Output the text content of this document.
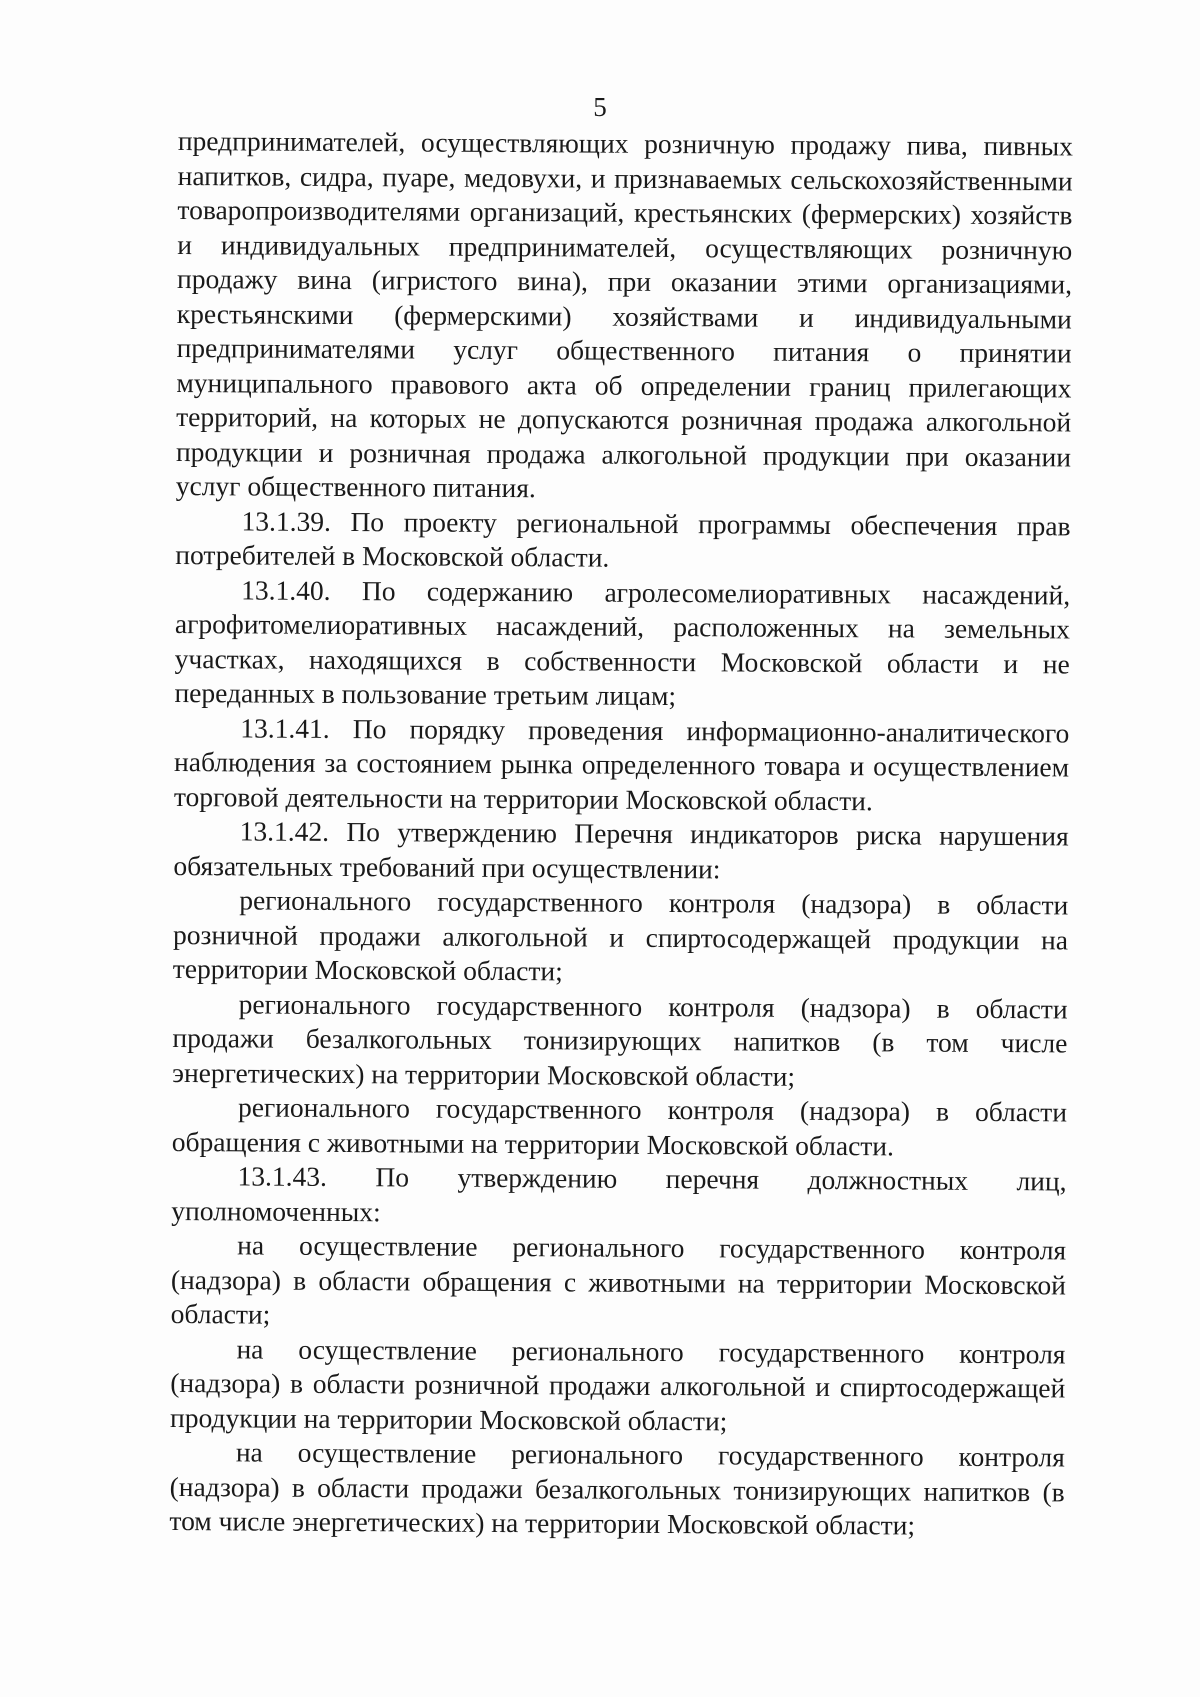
5

предпринимателей, осуществляющих розничную продажу пива, пивных напитков, сидра, пуаре, медовухи, и признаваемых сельскохозяйственными товаропроизводителями организаций, крестьянских (фермерских) хозяйств и индивидуальных предпринимателей, осуществляющих розничную продажу вина (игристого вина), при оказании этими организациями, крестьянскими (фермерскими) хозяйствами и индивидуальными предпринимателями услуг общественного питания о принятии муниципального правового акта об определении границ прилегающих территорий, на которых не допускаются розничная продажа алкогольной продукции и розничная продажа алкогольной продукции при оказании услуг общественного питания.

13.1.39. По проекту региональной программы обеспечения прав потребителей в Московской области.

13.1.40. По содержанию агролесомелиоративных насаждений, агрофитомелиоративных насаждений, расположенных на земельных участках, находящихся в собственности Московской области и не переданных в пользование третьим лицам;

13.1.41. По порядку проведения информационно-аналитического наблюдения за состоянием рынка определенного товара и осуществлением торговой деятельности на территории Московской области.

13.1.42. По утверждению Перечня индикаторов риска нарушения обязательных требований при осуществлении:

регионального государственного контроля (надзора) в области розничной продажи алкогольной и спиртосодержащей продукции на территории Московской области;

регионального государственного контроля (надзора) в области продажи безалкогольных тонизирующих напитков (в том числе энергетических) на территории Московской области;

регионального государственного контроля (надзора) в области обращения с животными на территории Московской области.

13.1.43. По утверждению перечня должностных лиц, уполномоченных:

на осуществление регионального государственного контроля (надзора) в области обращения с животными на территории Московской области;

на осуществление регионального государственного контроля (надзора) в области розничной продажи алкогольной и спиртосодержащей продукции на территории Московской области;

на осуществление регионального государственного контроля (надзора) в области продажи безалкогольных тонизирующих напитков (в том числе энергетических) на территории Московской области;
